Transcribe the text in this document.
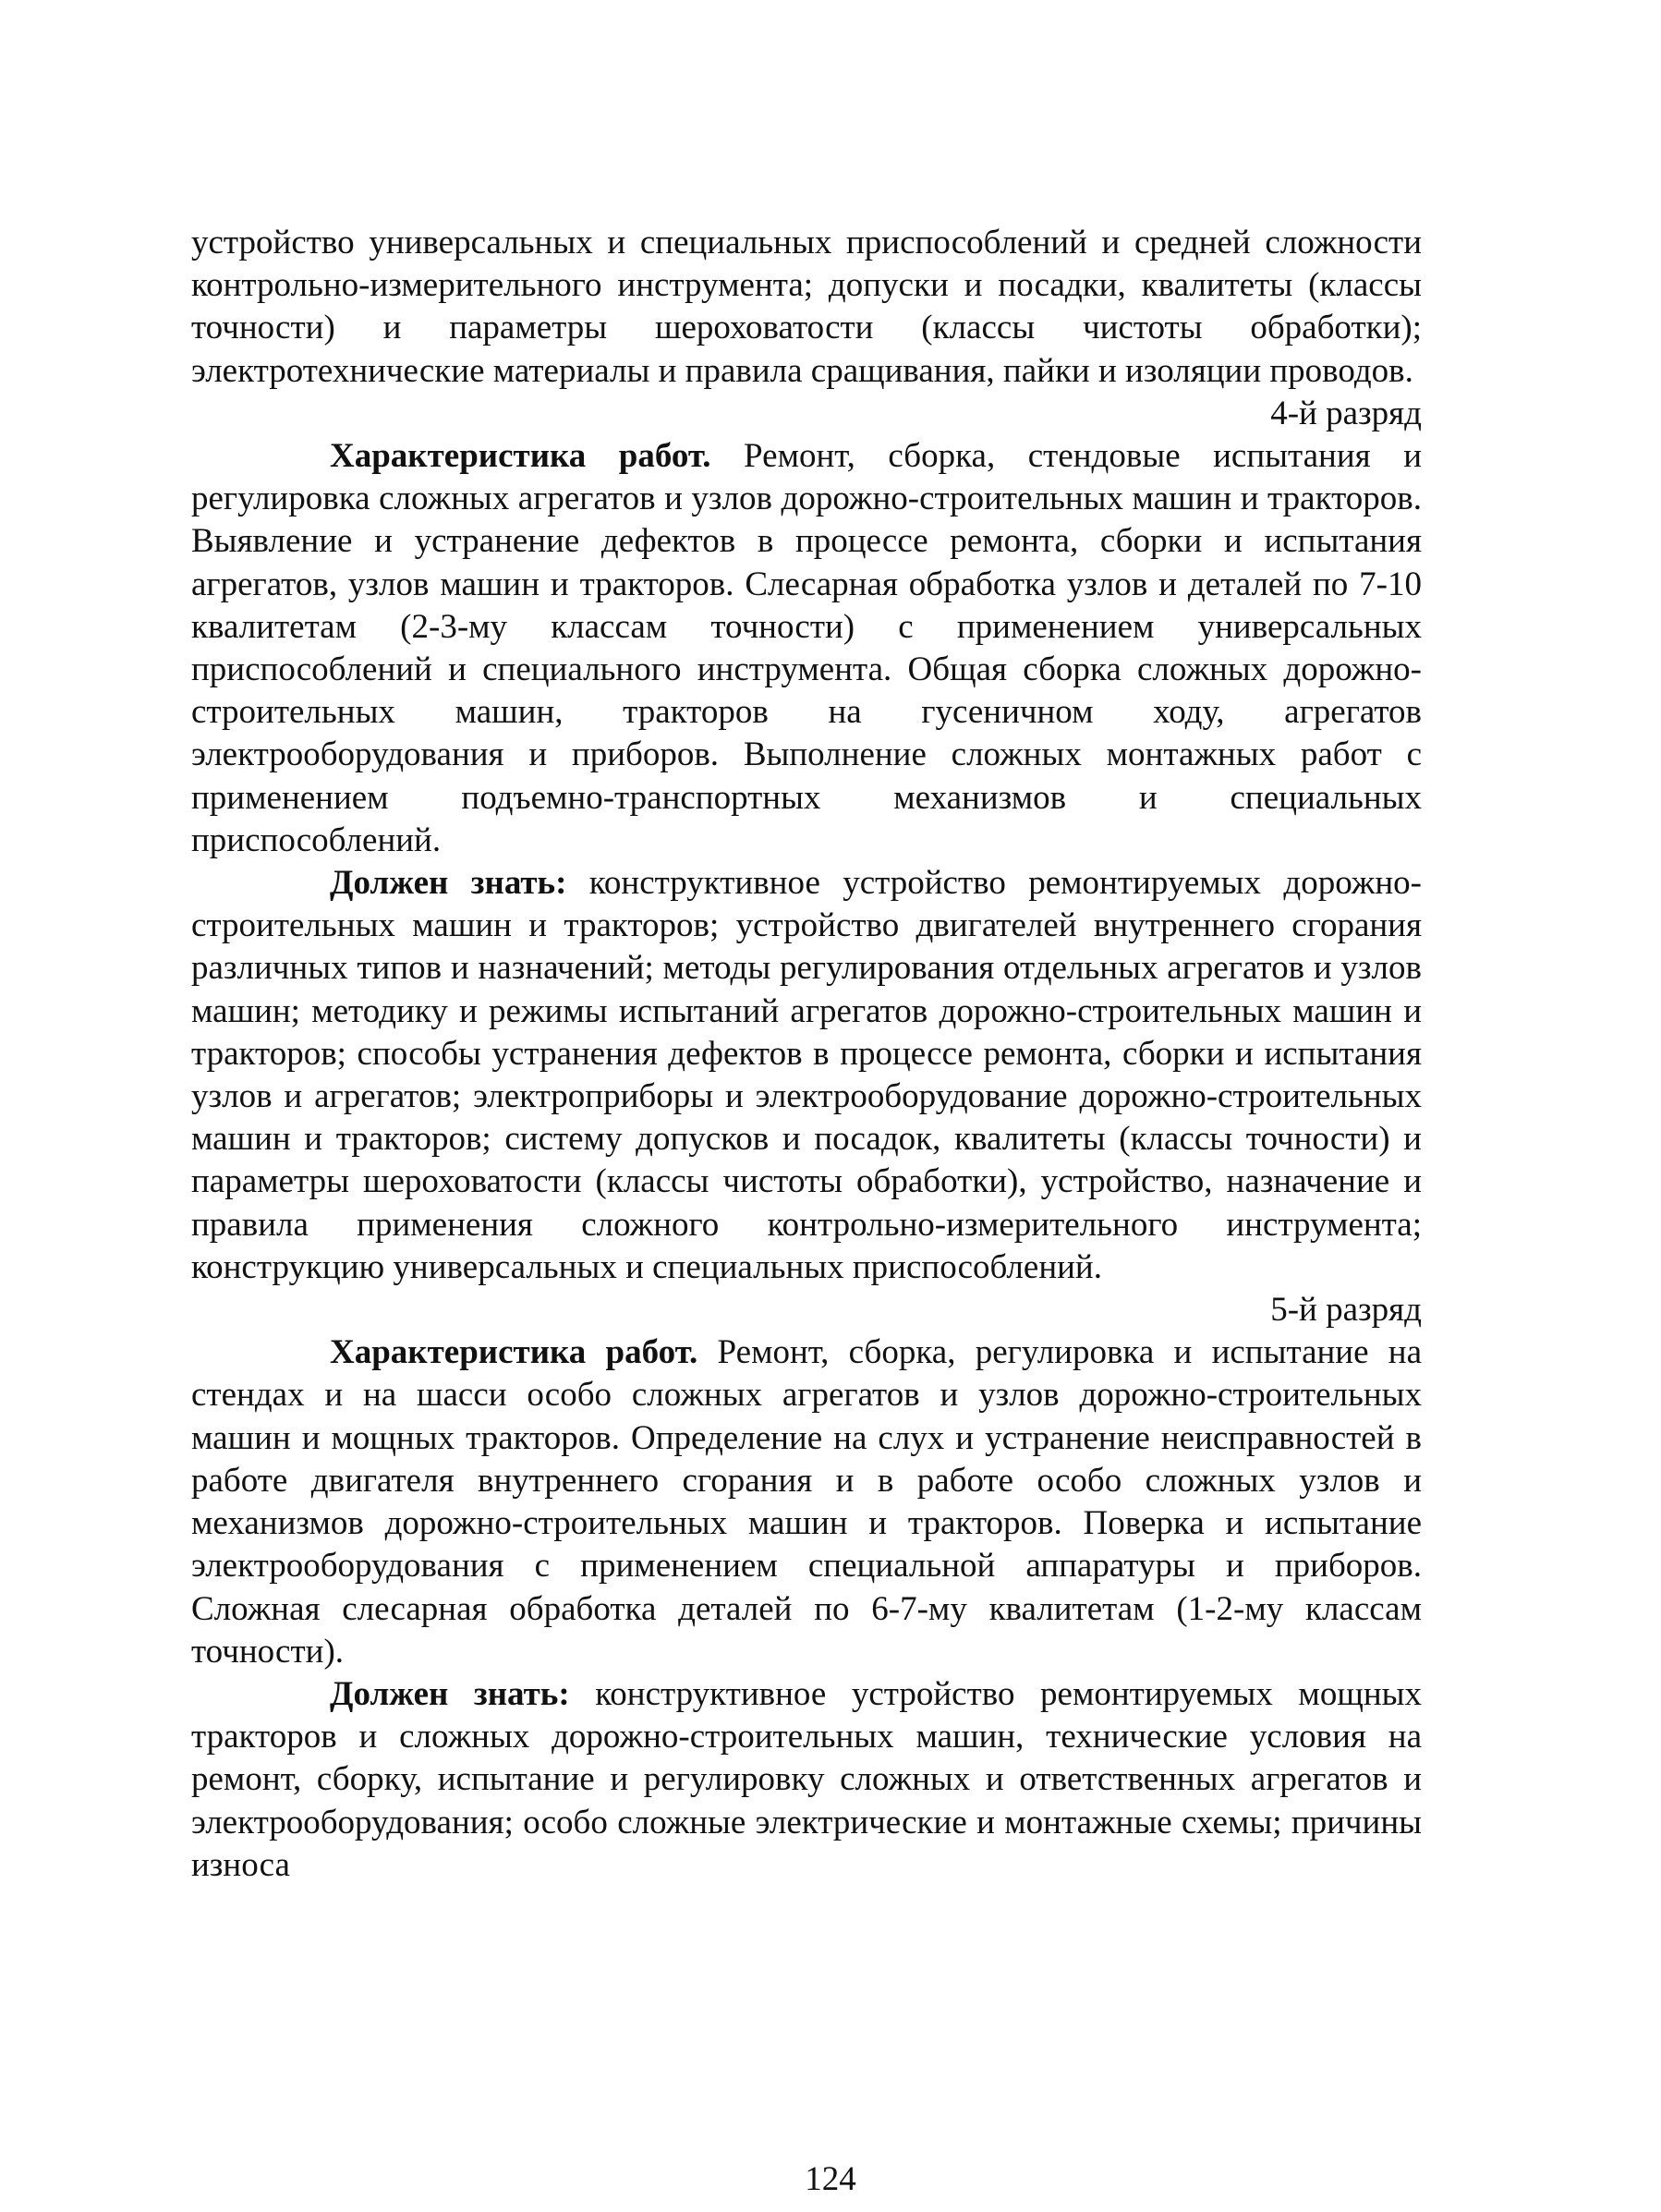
устройство универсальных и специальных приспособлений и средней сложности контрольно-измерительного инструмента; допуски и посадки, квалитеты (классы точности) и параметры шероховатости (классы чистоты обработки); электротехнические материалы и правила сращивания, пайки и изоляции проводов.

4-й разряд

Характеристика работ. Ремонт, сборка, стендовые испытания и регулировка сложных агрегатов и узлов дорожно-строительных машин и тракторов. Выявление и устранение дефектов в процессе ремонта, сборки и испытания агрегатов, узлов машин и тракторов. Слесарная обработка узлов и деталей по 7-10 квалитетам (2-3-му классам точности) с применением универсальных приспособлений и специального инструмента. Общая сборка сложных дорожно-строительных машин, тракторов на гусеничном ходу, агрегатов электрооборудования и приборов. Выполнение сложных монтажных работ с применением подъемно-транспортных механизмов и специальных приспособлений.

Должен знать: конструктивное устройство ремонтируемых дорожно-строительных машин и тракторов; устройство двигателей внутреннего сгорания различных типов и назначений; методы регулирования отдельных агрегатов и узлов машин; методику и режимы испытаний агрегатов дорожно-строительных машин и тракторов; способы устранения дефектов в процессе ремонта, сборки и испытания узлов и агрегатов; электроприборы и электрооборудование дорожно-строительных машин и тракторов; систему допусков и посадок, квалитеты (классы точности) и параметры шероховатости (классы чистоты обработки), устройство, назначение и правила применения сложного контрольно-измерительного инструмента; конструкцию универсальных и специальных приспособлений.

5-й разряд

Характеристика работ. Ремонт, сборка, регулировка и испытание на стендах и на шасси особо сложных агрегатов и узлов дорожно-строительных машин и мощных тракторов. Определение на слух и устранение неисправностей в работе двигателя внутреннего сгорания и в работе особо сложных узлов и механизмов дорожно-строительных машин и тракторов. Поверка и испытание электрооборудования с применением специальной аппаратуры и приборов. Сложная слесарная обработка деталей по 6-7-му квалитетам (1-2-му классам точности).

Должен знать: конструктивное устройство ремонтируемых мощных тракторов и сложных дорожно-строительных машин, технические условия на ремонт, сборку, испытание и регулировку сложных и ответственных агрегатов и электрооборудования; особо сложные электрические и монтажные схемы; причины износа

124
